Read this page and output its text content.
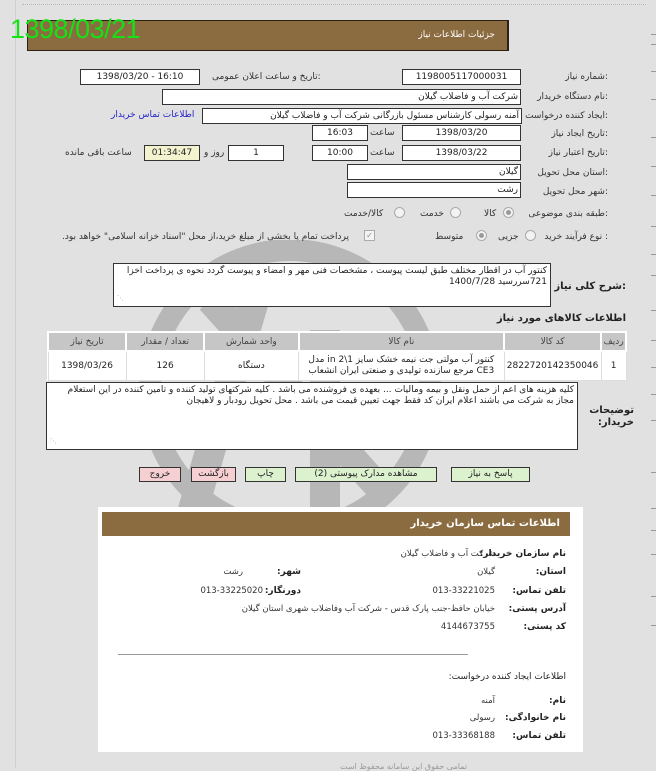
1398/03/21	جزئیات اطلاعات نیاز
شماره نیاز:
1198005117000031
تاریخ و ساعت اعلان عمومی:
1398/03/20 - 16:10
نام دستگاه خریدار:
شرکت آب و فاضلاب گیلان
ایجاد کننده درخواست:
آمنه رسولی کارشناس مسئول بازرگانی شرکت آب و فاضلاب گیلان
اطلاعات تماس خریدار
تاریخ ایجاد نیاز:
1398/03/20
ساعت
16:03
تاریخ اعتبار نیاز:
1398/03/22
ساعت
10:00
1
روز و
01:34:47
ساعت باقی مانده
استان محل تحویل:
گیلان
شهر محل تحویل:
رشت
طبقه بندی موضوعی:
کالا
خدمت
کالا/خدمت
نوع فرآیند خرید :
جزیی
متوسط
✓
پرداخت تمام یا بخشی از مبلغ خرید،از محل "اسناد خزانه اسلامی" خواهد بود.
شرح کلی نیاز:
کنتور آب در اقطار مختلف طبق لیست پیوست ، مشخصات فنی مهر و امضاء و پیوست گردد نحوه ی پرداخت اخزا 721سررسید 1400/7/28
⋰
اطلاعات کالاهای مورد نیاز
ردیف	کد کالا	نام کالا	واحد شمارش	تعداد / مقدار	تاریخ نیاز
1	2822720142350046	کنتور آب مولتی جت نیمه خشک سایز 1\2 in مدل CE3 مرجع سازنده تولیدی و صنعتی ایران انشعاب	دستگاه	126	1398/03/26
توضیحات خریدار:
کلیه هزینه های اعم از حمل ونقل و بیمه ومالیات ... بعهده ی فروشنده می باشد . کلیه شرکتهای تولید کننده و تامین کننده در این استعلام مجاز به شرکت می باشند اعلام ایران کد فقط جهت تعیین قیمت می باشد . محل تحویل رودبار و لاهیجان
⋰
پاسخ به نیاز
مشاهده مدارک پیوستی (2)
چاپ
بازگشت
خروج
اطلاعات تماس سازمان خریدار
نام سازمان خریدار:
شرکت آب و فاضلاب گیلان
استان:
گیلان
شهر:
رشت
تلفن تماس:
013-33221025
دورنگار:
013-33225020
آدرس پستی:
خیابان حافظ-جنب پارک قدس - شرکت آب وفاضلاب شهری استان گیلان
کد پستی:
4144673755
اطلاعات ایجاد کننده درخواست:
نام:
آمنه
نام خانوادگی:
رسولی
تلفن تماس:
013-33368188
تمامی حقوق این سامانه محفوظ است
